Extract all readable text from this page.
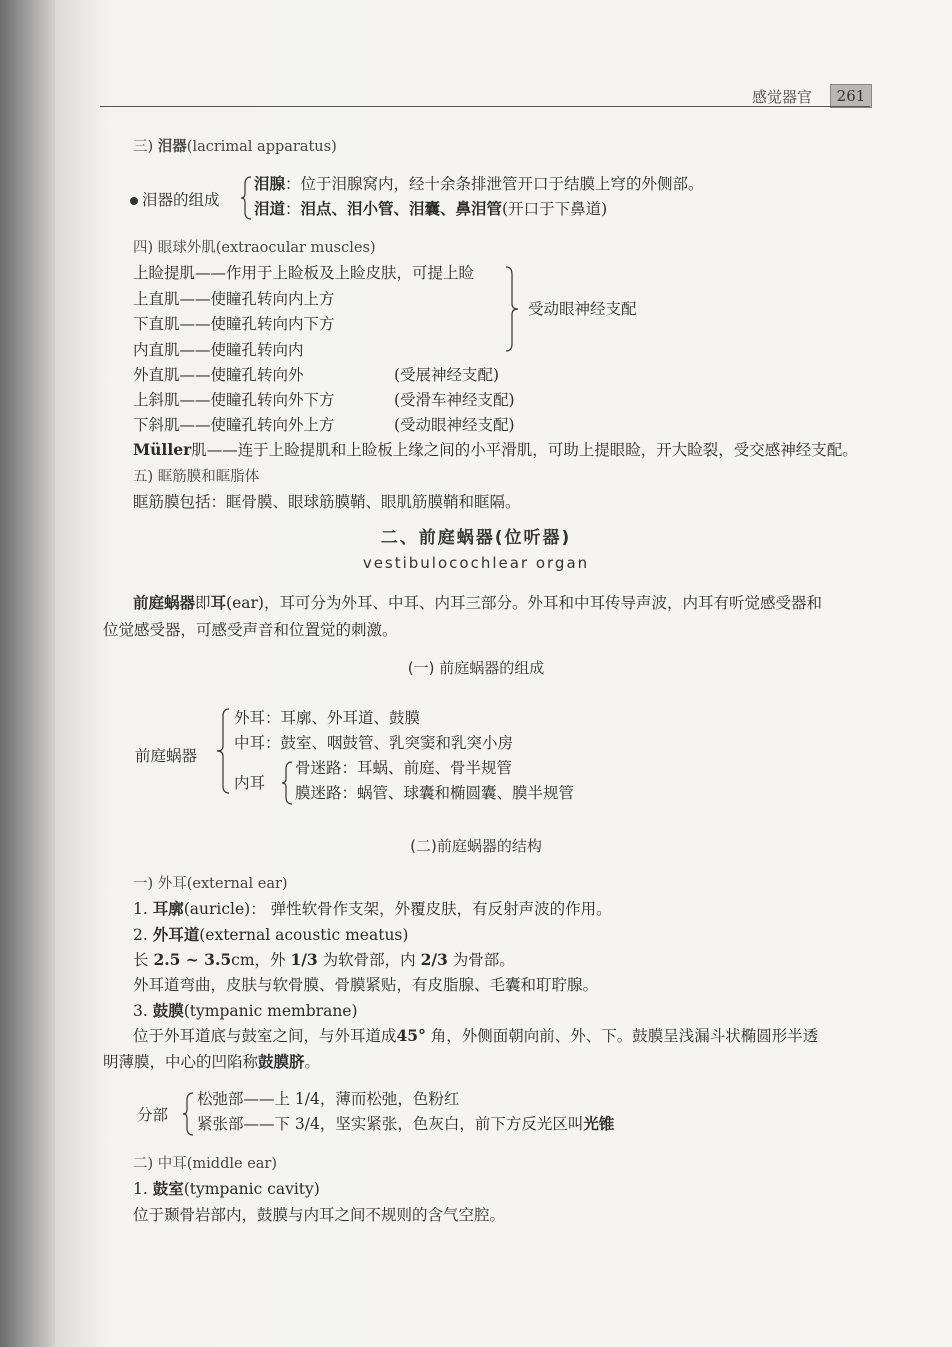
感觉器官	261
三) 泪器(lacrimal apparatus)
泪器的组成
泪腺：位于泪腺窝内，经十余条排泄管开口于结膜上穹的外侧部。
泪道：泪点、泪小管、泪囊、鼻泪管(开口于下鼻道)
四) 眼球外肌(extraocular muscles)
上睑提肌——作用于上睑板及上睑皮肤，可提上睑
上直肌——使瞳孔转向内上方
下直肌——使瞳孔转向内下方
内直肌——使瞳孔转向内
受动眼神经支配
外直肌——使瞳孔转向外	(受展神经支配)
上斜肌——使瞳孔转向外下方	(受滑车神经支配)
下斜肌——使瞳孔转向外上方	(受动眼神经支配)
Müller肌——连于上睑提肌和上睑板上缘之间的小平滑肌，可助上提眼睑，开大睑裂，受交感神经支配。
五) 眶筋膜和眶脂体
眶筋膜包括：眶骨膜、眼球筋膜鞘、眼肌筋膜鞘和眶隔。
二、前庭蜗器(位听器)
vestibulocochlear organ
前庭蜗器即耳(ear)，耳可分为外耳、中耳、内耳三部分。外耳和中耳传导声波，内耳有听觉感受器和
位觉感受器，可感受声音和位置觉的刺激。
(一) 前庭蜗器的组成
前庭蜗器
外耳：耳廓、外耳道、鼓膜
中耳：鼓室、咽鼓管、乳突窦和乳突小房
内耳
骨迷路：耳蜗、前庭、骨半规管
膜迷路：蜗管、球囊和椭圆囊、膜半规管
(二)前庭蜗器的结构
一) 外耳(external ear)
1. 耳廓(auricle)： 弹性软骨作支架，外覆皮肤，有反射声波的作用。
2. 外耳道(external acoustic meatus)
长 2.5 ~ 3.5cm，外 1/3 为软骨部，内 2/3 为骨部。
外耳道弯曲，皮肤与软骨膜、骨膜紧贴，有皮脂腺、毛囊和耵聍腺。
3. 鼓膜(tympanic membrane)
位于外耳道底与鼓室之间，与外耳道成45° 角，外侧面朝向前、外、下。鼓膜呈浅漏斗状椭圆形半透
明薄膜，中心的凹陷称鼓膜脐。
分部
松弛部——上 1/4，薄而松弛，色粉红
紧张部——下 3/4，坚实紧张，色灰白，前下方反光区叫光锥
二) 中耳(middle ear)
1. 鼓室(tympanic cavity)
位于颞骨岩部内，鼓膜与内耳之间不规则的含气空腔。
